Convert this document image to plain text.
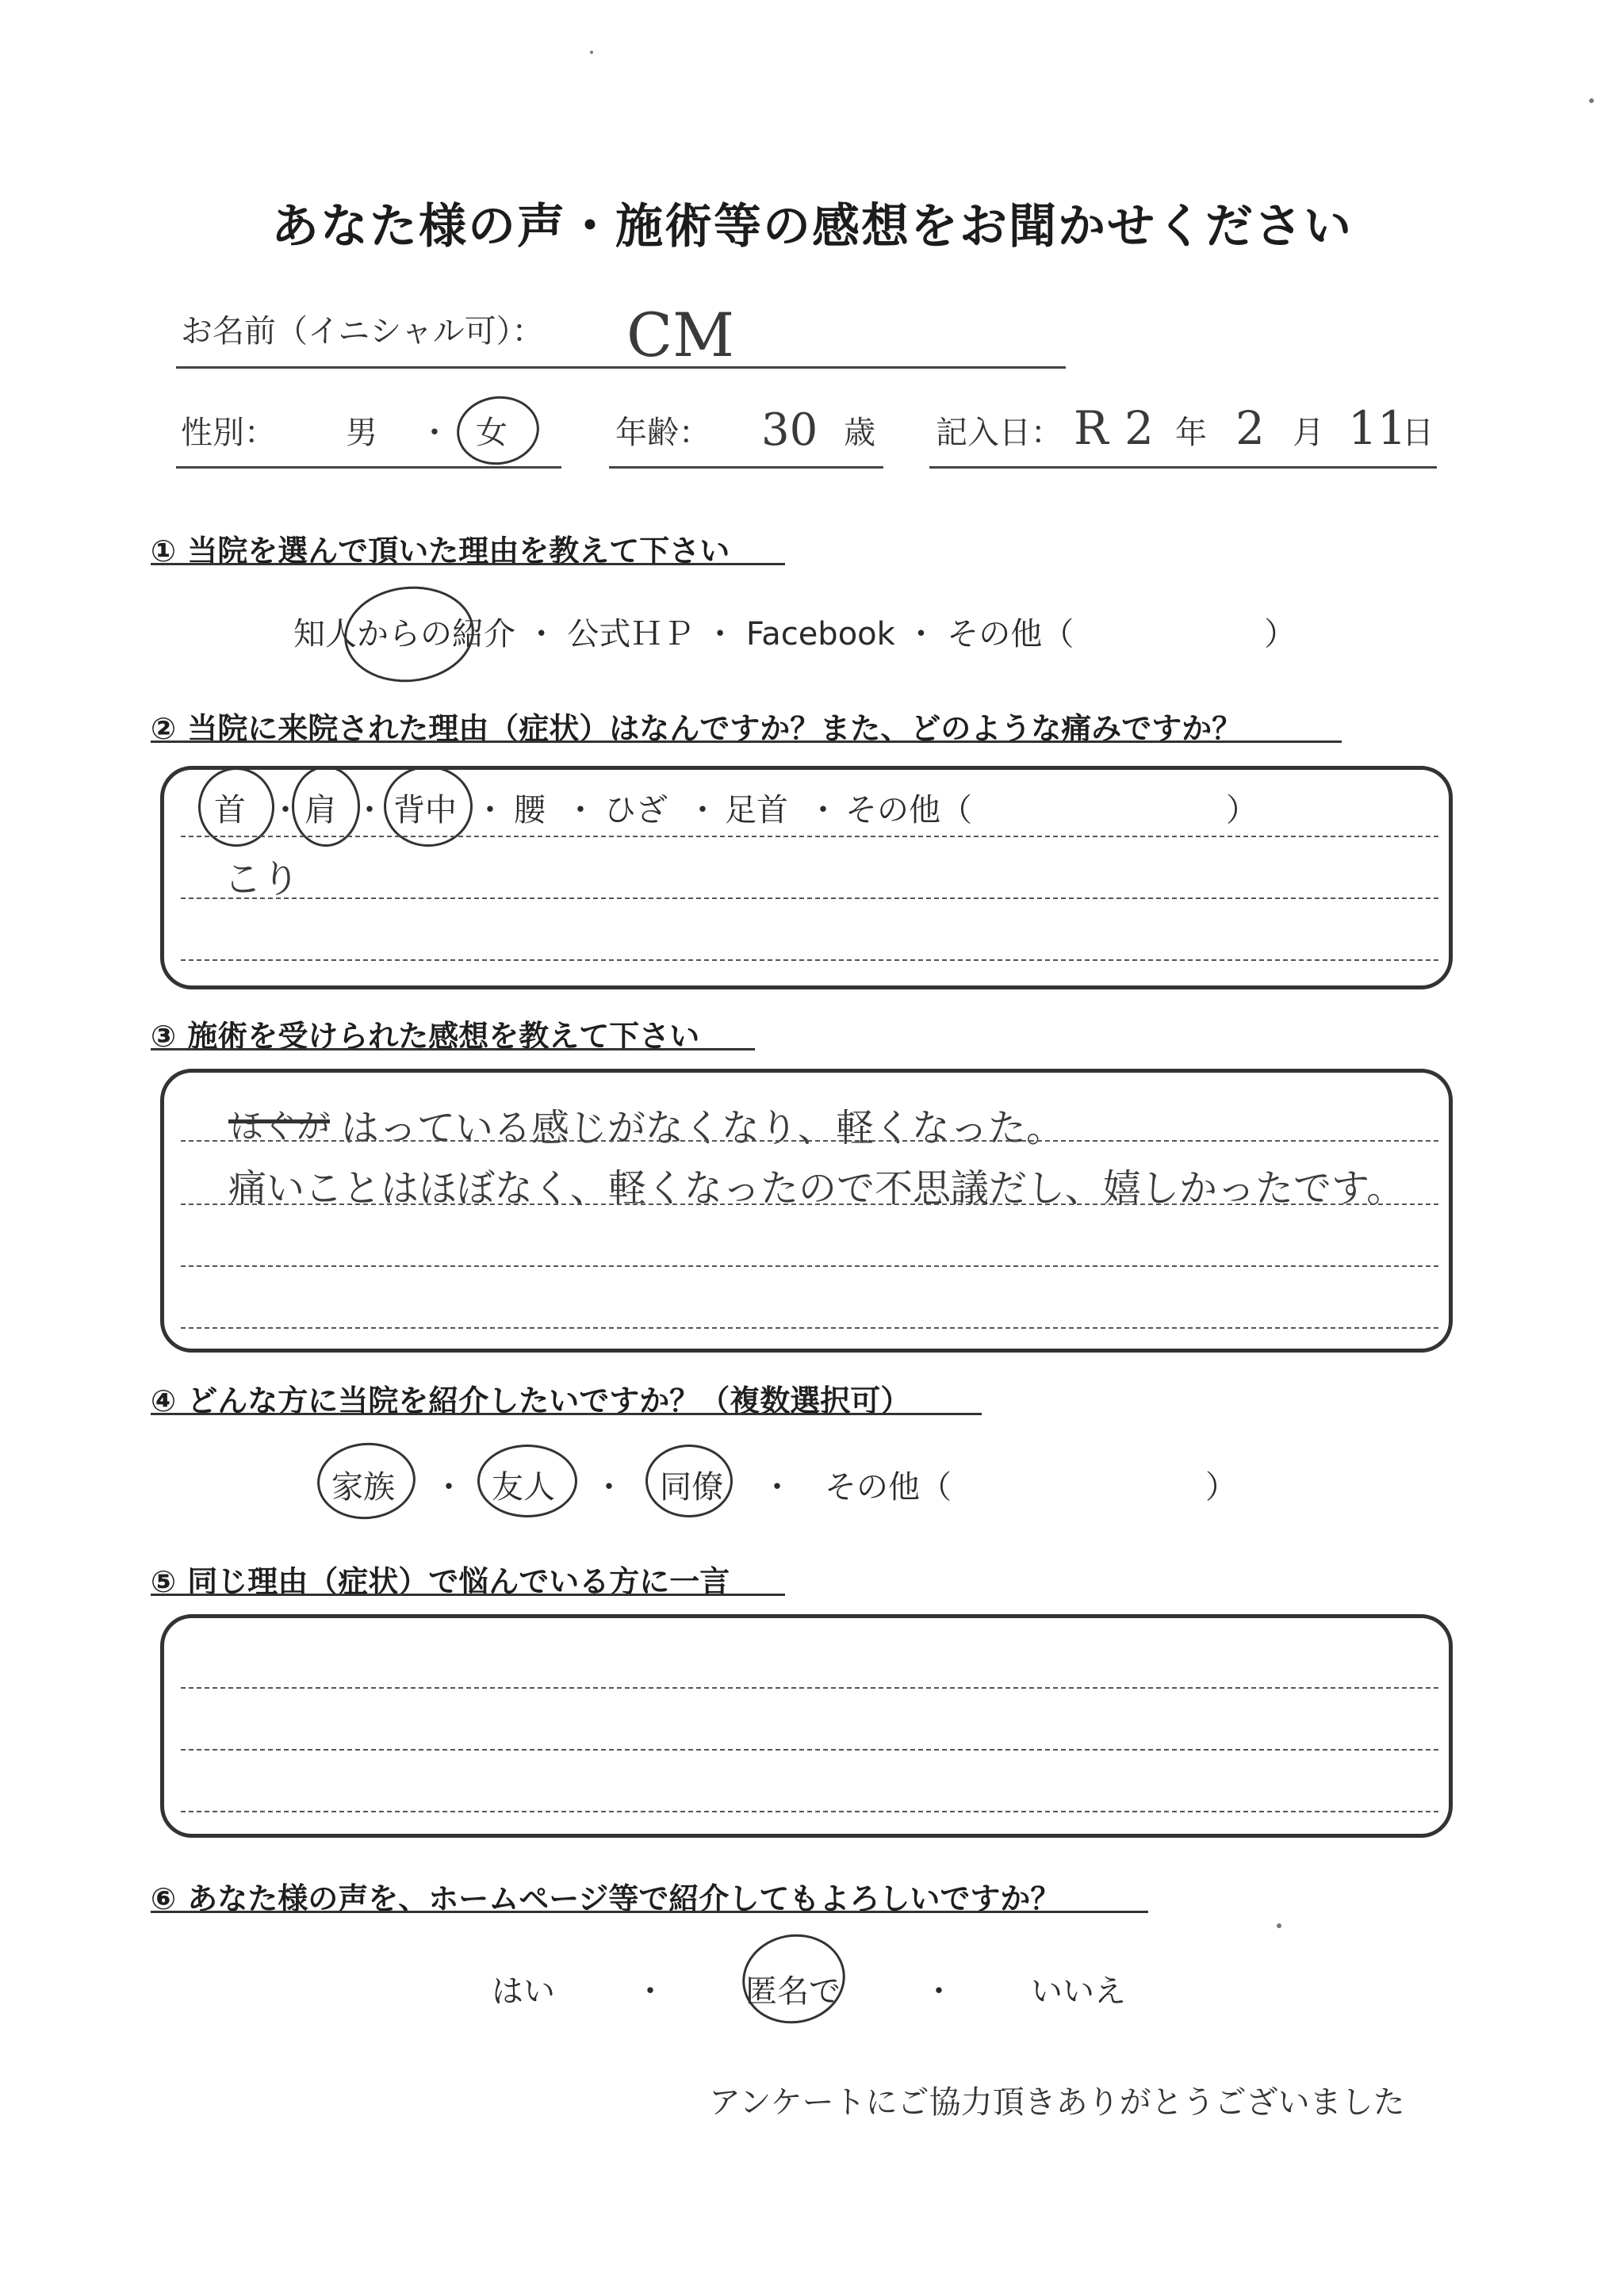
あなた様の声・施術等の感想をお聞かせください
お名前（イニシャル可）： CM
性別： 男 ・ 女	年齢： 30 歳 記入日： R 2 年 2 月 11
日
① 当院を選んで頂いた理由を教えて下さい
知人からの紹介 ・ 公式ＨＰ ・ Facebook ・ その他（　　　　　　）
② 当院に来院された理由（症状）はなんですか？また、どのような痛みですか？
首 ・ 肩 ・ 背中 ・ 腰 ・ ひざ ・ 足首 ・ その他（　　　　　　　　）
こり
③ 施術を受けられた感想を教えて下さい
ほぐが はっている感じがなくなり、軽くなった。
痛いことはほぼなく、軽くなったので不思議だし、嬉しかったです。
④ どんな方に当院を紹介したいですか？（複数選択可）
家族 ・ 友人 ・ 同僚 ・ その他（　　　　　　　　）
⑤ 同じ理由（症状）で悩んでいる方に一言
⑥ あなた様の声を、ホームページ等で紹介してもよろしいですか？
はい	・	匿名で	・ いいえ
アンケートにご協力頂きありがとうございました
